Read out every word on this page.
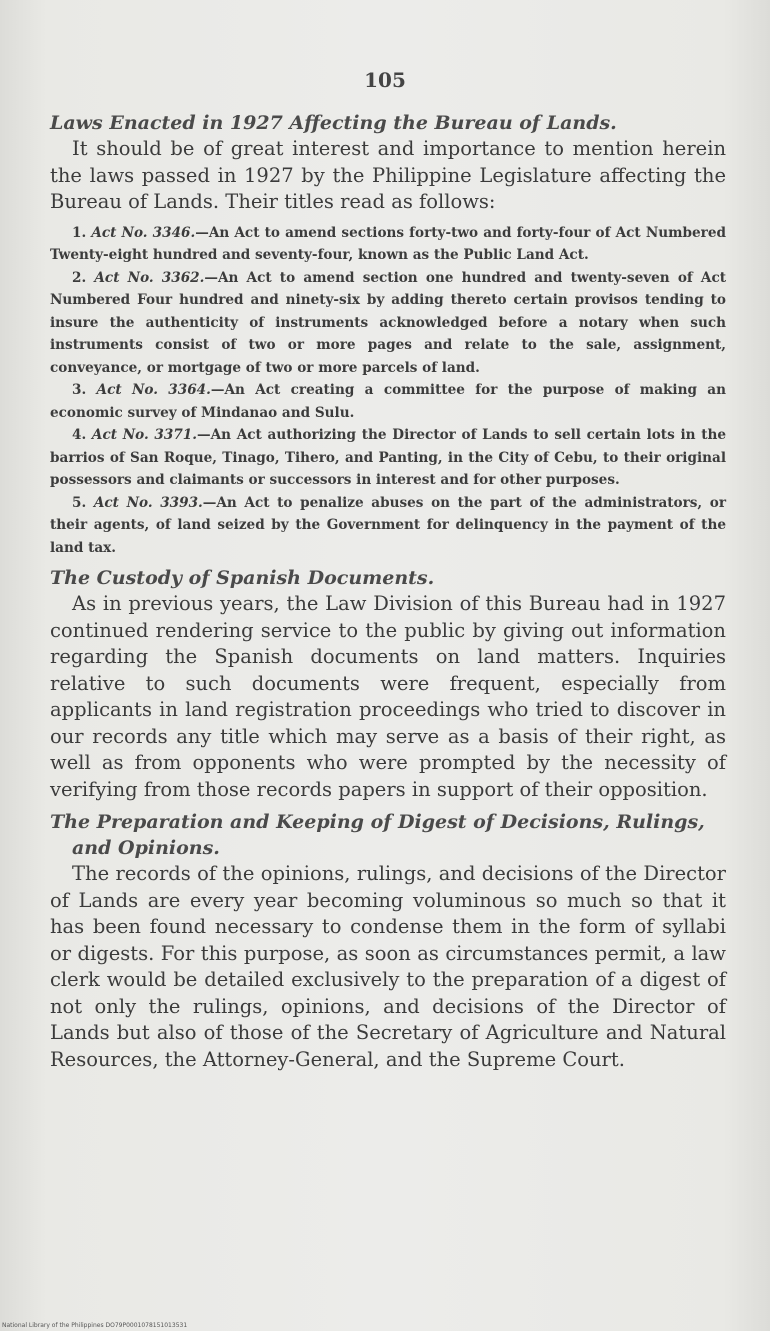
105
Laws Enacted in 1927 Affecting the Bureau of Lands.

It should be of great interest and importance to mention herein the laws passed in 1927 by the Philippine Legislature affecting the Bureau of Lands. Their titles read as follows:

1. Act No. 3346.—An Act to amend sections forty-two and forty-four of Act Numbered Twenty-eight hundred and seventy-four, known as the Public Land Act.
2. Act No. 3362.—An Act to amend section one hundred and twenty-seven of Act Numbered Four hundred and ninety-six by adding thereto certain provisos tending to insure the authenticity of instruments acknowledged before a notary when such instruments consist of two or more pages and relate to the sale, assignment, conveyance, or mortgage of two or more parcels of land.
3. Act No. 3364.—An Act creating a committee for the purpose of making an economic survey of Mindanao and Sulu.
4. Act No. 3371.—An Act authorizing the Director of Lands to sell certain lots in the barrios of San Roque, Tinago, Tihero, and Panting, in the City of Cebu, to their original possessors and claimants or successors in interest and for other purposes.
5. Act No. 3393.—An Act to penalize abuses on the part of the administrators, or their agents, of land seized by the Government for delinquency in the payment of the land tax.
The Custody of Spanish Documents.

As in previous years, the Law Division of this Bureau had in 1927 continued rendering service to the public by giving out information regarding the Spanish documents on land matters. Inquiries relative to such documents were frequent, especially from applicants in land registration proceedings who tried to discover in our records any title which may serve as a basis of their right, as well as from opponents who were prompted by the necessity of verifying from those records papers in support of their opposition.

The Preparation and Keeping of Digest of Decisions, Rulings,
and Opinions.

The records of the opinions, rulings, and decisions of the Director of Lands are every year becoming voluminous so much so that it has been found necessary to condense them in the form of syllabi or digests. For this purpose, as soon as circumstances permit, a law clerk would be detailed exclusively to the preparation of a digest of not only the rulings, opinions, and decisions of the Director of Lands but also of those of the Secretary of Agriculture and Natural Resources, the Attorney-General, and the Supreme Court.

National Library of the Philippines DO79P0001078151013531
